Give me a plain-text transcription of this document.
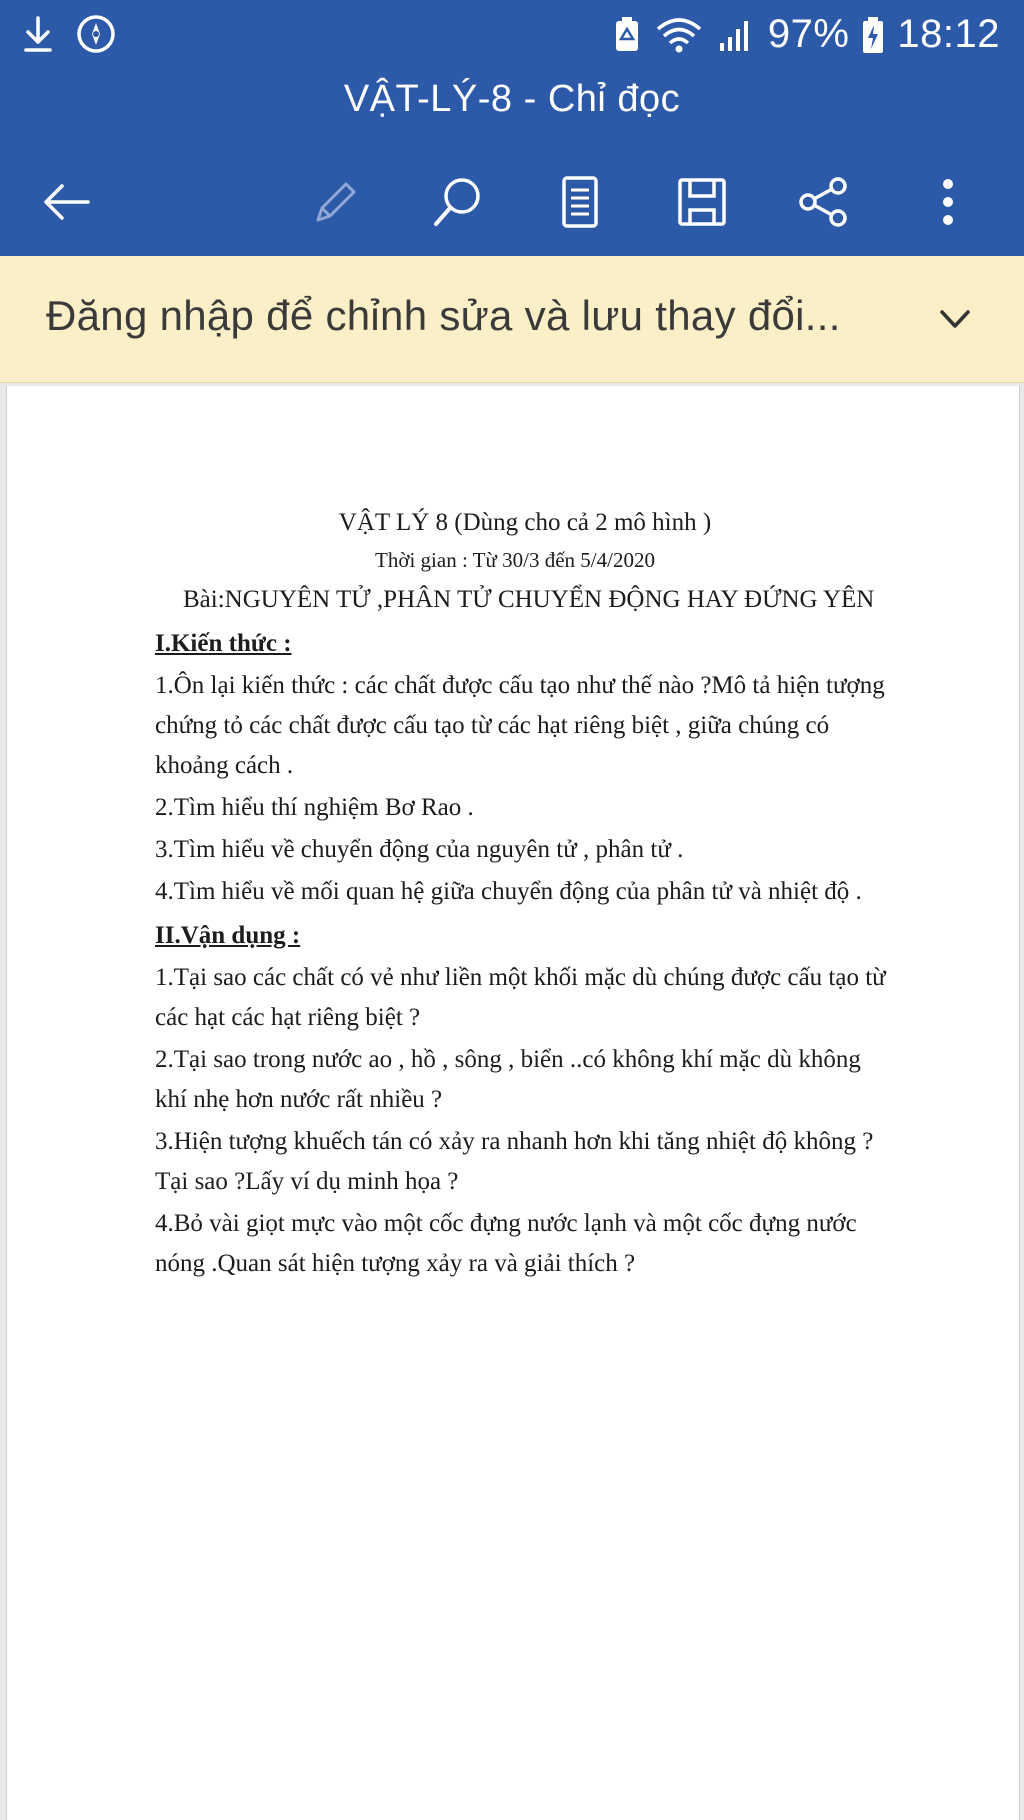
97% 18:12
VẬT-LÝ-8 - Chỉ đọc
Đăng nhập để chỉnh sửa và lưu thay đổi...
VẬT LÝ 8 (Dùng cho cả 2 mô hình )
Thời gian : Từ 30/3 đến 5/4/2020
Bài:NGUYÊN TỬ ,PHÂN TỬ CHUYỂN ĐỘNG HAY ĐỨNG YÊN
I.Kiến thức :
1.Ôn lại kiến thức : các chất được cấu tạo như thế nào ?Mô tả hiện tượng chứng tỏ các chất được cấu tạo từ các hạt riêng biệt , giữa chúng có khoảng cách .
2.Tìm hiểu thí nghiệm Bơ Rao .
3.Tìm hiểu về chuyển động của nguyên tử , phân tử .
4.Tìm hiểu về mối quan hệ giữa chuyển động của phân tử và nhiệt độ .
II.Vận dụng :
1.Tại sao các chất có vẻ như liền một khối mặc dù chúng được cấu tạo từ các hạt các hạt riêng biệt ?
2.Tại sao trong nước ao , hồ , sông , biển ..có không khí mặc dù không khí nhẹ hơn nước rất nhiều ?
3.Hiện tượng khuếch tán có xảy ra nhanh hơn khi tăng nhiệt độ không ? Tại sao ?Lấy ví dụ minh họa ?
4.Bỏ vài giọt mực vào một cốc đựng nước lạnh và một cốc đựng nước nóng .Quan sát hiện tượng xảy ra và giải thích ?
